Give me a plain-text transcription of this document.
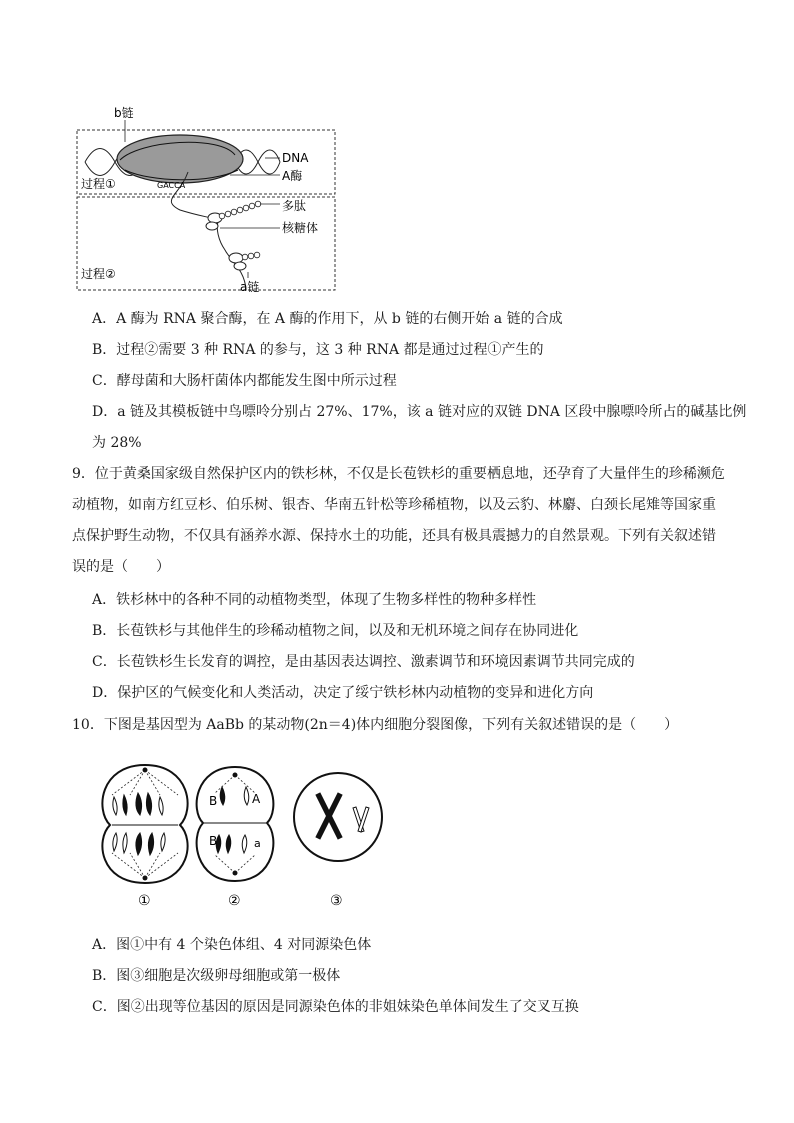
b链
DNA
A酶
GACCA
过程①
多肽
核糖体
过程②
a链
A．A 酶为 RNA 聚合酶，在 A 酶的作用下，从 b 链的右侧开始 a 链的合成
B．过程②需要 3 种 RNA 的参与，这 3 种 RNA 都是通过过程①产生的
C．酵母菌和大肠杆菌体内都能发生图中所示过程
D．a 链及其模板链中鸟嘌呤分别占 27%、17%，该 a 链对应的双链 DNA 区段中腺嘌呤所占的碱基比例
为 28%
9．位于黄桑国家级自然保护区内的铁杉林，不仅是长苞铁杉的重要栖息地，还孕育了大量伴生的珍稀濒危
动植物，如南方红豆杉、伯乐树、银杏、华南五针松等珍稀植物，以及云豹、林麝、白颈长尾雉等国家重
点保护野生动物，不仅具有涵养水源、保持水土的功能，还具有极具震撼力的自然景观。下列有关叙述错
误的是（　　）
A．铁杉林中的各种不同的动植物类型，体现了生物多样性的物种多样性
B．长苞铁杉与其他伴生的珍稀动植物之间，以及和无机环境之间存在协同进化
C．长苞铁杉生长发育的调控，是由基因表达调控、激素调节和环境因素调节共同完成的
D．保护区的气候变化和人类活动，决定了绥宁铁杉林内动植物的变异和进化方向
10．下图是基因型为 AaBb 的某动物(2n＝4)体内细胞分裂图像，下列有关叙述错误的是（　　）
B	A
B	a
①	②	③
A．图①中有 4 个染色体组、4 对同源染色体
B．图③细胞是次级卵母细胞或第一极体
C．图②出现等位基因的原因是同源染色体的非姐妹染色单体间发生了交叉互换
